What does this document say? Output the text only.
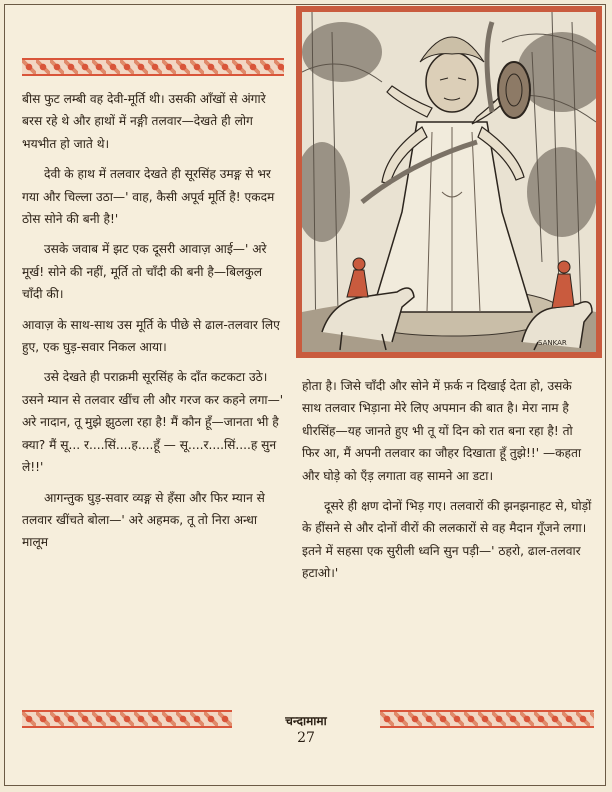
SANKAR

बीस फुट लम्बी वह देवी-मूर्ति थी। उसकी आँखों से अंगारे बरस रहे थे और हाथों में नङ्गी तलवार—देखते ही लोग भयभीत हो जाते थे।

देवी के हाथ में तलवार देखते ही सूरसिंह उमङ्ग से भर गया और चिल्ला उठा—' वाह, कैसी अपूर्व मूर्ति है! एकदम ठोस सोने की बनी है!'

उसके जवाब में झट एक दूसरी आवाज़ आई—' अरे मूर्ख! सोने की नहीं, मूर्ति तो चाँदी की बनी है—बिलकुल चाँदी की।

आवाज़ के साथ-साथ उस मूर्ति के पीछे से ढाल-तलवार लिए हुए, एक घुड़-सवार निकल आया।

उसे देखते ही पराक्रमी सूरसिंह के दाँत कटकटा उठे। उसने म्यान से तलवार खींच ली और गरज कर कहने लगा—' अरे नादान, तू मुझे झुठला रहा है! मैं कौन हूँ—जानता भी है क्या? मैं सू... र....सिं....ह....हूँ — सू....र....सिं....ह सुन ले!!'

आगन्तुक घुड़-सवार व्यङ्ग से हँसा और फिर म्यान से तलवार खींचते बोला—' अरे अहमक, तू तो निरा अन्धा मालूम

होता है। जिसे चाँदी और सोने में फ़र्क न दिखाई देता हो, उसके साथ तलवार भिड़ाना मेरे लिए अपमान की बात है। मेरा नाम है धीरसिंह—यह जानते हुए भी तू यों दिन को रात बना रहा है! तो फिर आ, मैं अपनी तलवार का जौहर दिखाता हूँ तुझे!!' —कहता और घोड़े को एँड़ लगाता वह सामने आ डटा।

दूसरे ही क्षण दोनों भिड़ गए। तलवारों की झनझनाहट से, घोड़ों के हींसने से और दोनों वीरों की ललकारों से वह मैदान गूँजने लगा। इतने में सहसा एक सुरीली ध्वनि सुन पड़ी—' ठहरो, ढाल-तलवार हटाओ।'

चन्दामामा
27
